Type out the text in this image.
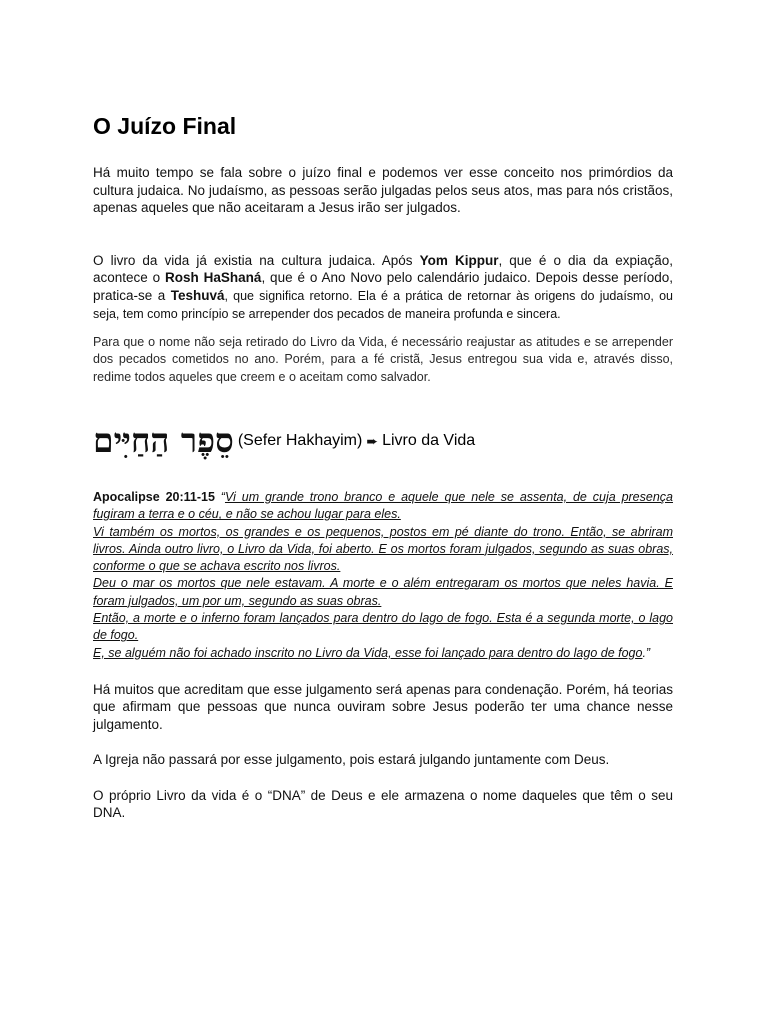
O Juízo Final

Há muito tempo se fala sobre o juízo final e podemos ver esse conceito nos primórdios da cultura judaica. No judaísmo, as pessoas serão julgadas pelos seus atos, mas para nós cristãos, apenas aqueles que não aceitaram a Jesus irão ser julgados.

O livro da vida já existia na cultura judaica. Após Yom Kippur, que é o dia da expiação, acontece o Rosh HaShaná, que é o Ano Novo pelo calendário judaico. Depois desse período, pratica-se a Teshuvá, que significa retorno. Ela é a prática de retornar às origens do judaísmo, ou seja, tem como princípio se arrepender dos pecados de maneira profunda e sincera.

Para que o nome não seja retirado do Livro da Vida, é necessário reajustar as atitudes e se arrepender dos pecados cometidos no ano. Porém, para a fé cristã, Jesus entregou sua vida e, através disso, redime todos aqueles que creem e o aceitam como salvador.

סֵפֶר הַחַיִּים (Sefer Hakhayim) ➨ Livro da Vida

Apocalipse 20:11-15 “Vi um grande trono branco e aquele que nele se assenta, de cuja presença fugiram a terra e o céu, e não se achou lugar para eles.
Vi também os mortos, os grandes e os pequenos, postos em pé diante do trono. Então, se abriram livros. Ainda outro livro, o Livro da Vida, foi aberto. E os mortos foram julgados, segundo as suas obras, conforme o que se achava escrito nos livros.
Deu o mar os mortos que nele estavam. A morte e o além entregaram os mortos que neles havia. E foram julgados, um por um, segundo as suas obras.
Então, a morte e o inferno foram lançados para dentro do lago de fogo. Esta é a segunda morte, o lago de fogo.
E, se alguém não foi achado inscrito no Livro da Vida, esse foi lançado para dentro do lago de fogo.”

Há muitos que acreditam que esse julgamento será apenas para condenação. Porém, há teorias que afirmam que pessoas que nunca ouviram sobre Jesus poderão ter uma chance nesse julgamento.

A Igreja não passará por esse julgamento, pois estará julgando juntamente com Deus.

O próprio Livro da vida é o “DNA” de Deus e ele armazena o nome daqueles que têm o seu DNA.
